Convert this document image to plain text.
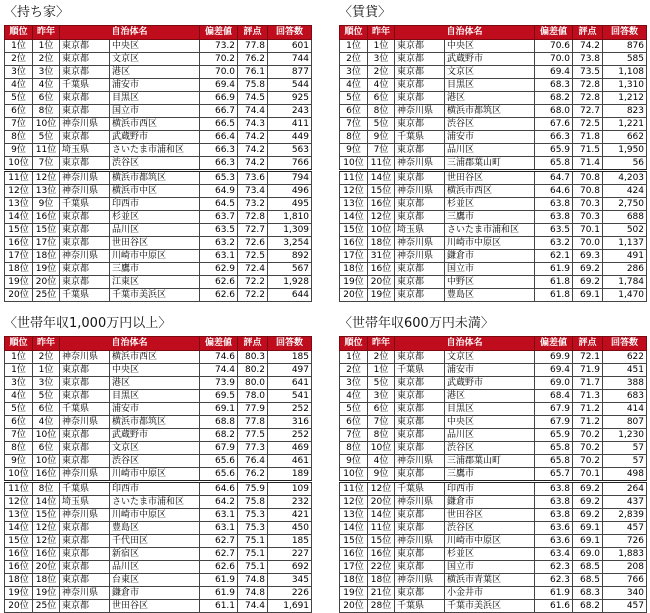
〈持ち家〉
順位	昨年	自治体名		偏差値	評点	回答数
1位	1位	東京都	中央区	73.2	77.8	601
2位	2位	東京都	文京区	70.2	76.2	744
3位	3位	東京都	港区	70.0	76.1	877
4位	4位	千葉県	浦安市	69.4	75.8	544
5位	6位	東京都	目黒区	66.9	74.5	925
6位	8位	東京都	国立市	66.7	74.4	243
7位	10位	神奈川県	横浜市西区	66.5	74.3	411
8位	5位	東京都	武蔵野市	66.4	74.2	449
9位	11位	埼玉県	さいたま市浦和区	66.3	74.2	563
10位	7位	東京都	渋谷区	66.3	74.2	766
11位	12位	神奈川県	横浜市都筑区	65.3	73.6	794
12位	13位	神奈川県	横浜市中区	64.9	73.4	496
13位	9位	千葉県	印西市	64.5	73.2	495
14位	16位	東京都	杉並区	63.7	72.8	1,810
15位	15位	東京都	品川区	63.5	72.7	1,309
16位	17位	東京都	世田谷区	63.2	72.6	3,254
17位	18位	神奈川県	川崎市中原区	63.1	72.5	892
18位	19位	東京都	三鷹市	62.9	72.4	567
19位	20位	東京都	江東区	62.6	72.2	1,928
20位	25位	千葉県	千葉市美浜区	62.6	72.2	644
〈賃貸〉
順位	昨年	自治体名		偏差値	評点	回答数
1位	1位	東京都	中央区	70.6	74.2	876
2位	3位	東京都	武蔵野市	70.0	73.8	585
3位	2位	東京都	文京区	69.4	73.5	1,108
4位	4位	東京都	目黒区	68.3	72.8	1,310
5位	6位	東京都	港区	68.2	72.8	1,212
6位	8位	神奈川県	横浜市都筑区	68.0	72.7	823
7位	5位	東京都	渋谷区	67.6	72.5	1,221
8位	9位	千葉県	浦安市	66.3	71.8	662
9位	7位	東京都	品川区	65.9	71.5	1,950
10位	11位	神奈川県	三浦郡葉山町	65.8	71.4	56
11位	14位	東京都	世田谷区	64.7	70.8	4,203
12位	15位	神奈川県	横浜市西区	64.6	70.8	424
13位	16位	東京都	杉並区	63.8	70.3	2,750
14位	12位	東京都	三鷹市	63.8	70.3	688
15位	10位	埼玉県	さいたま市浦和区	63.5	70.1	502
16位	18位	神奈川県	川崎市中原区	63.2	70.0	1,137
17位	31位	神奈川県	鎌倉市	62.1	69.3	491
18位	16位	東京都	国立市	61.9	69.2	286
19位	20位	東京都	中野区	61.8	69.2	1,784
20位	19位	東京都	豊島区	61.8	69.1	1,470
〈世帯年収1,000万円以上〉
順位	昨年	自治体名		偏差値	評点	回答数
1位	2位	神奈川県	横浜市西区	74.6	80.3	185
1位	1位	東京都	中央区	74.4	80.2	497
3位	3位	東京都	港区	73.9	80.0	641
4位	5位	東京都	目黒区	69.5	78.0	541
5位	6位	千葉県	浦安市	69.1	77.9	252
6位	4位	神奈川県	横浜市都筑区	68.8	77.8	316
7位	10位	東京都	武蔵野市	68.2	77.5	252
8位	6位	東京都	文京区	67.9	77.3	469
9位	10位	東京都	渋谷区	65.6	76.4	461
10位	16位	神奈川県	川崎市中原区	65.6	76.2	189
11位	8位	千葉県	印西市	64.6	75.9	109
12位	14位	埼玉県	さいたま市浦和区	64.2	75.8	232
13位	15位	神奈川県	川崎市中原区	63.1	75.3	421
14位	12位	東京都	豊島区	63.1	75.3	450
15位	12位	東京都	千代田区	62.7	75.1	185
16位	16位	東京都	新宿区	62.7	75.1	227
16位	20位	東京都	品川区	62.6	75.1	692
18位	18位	東京都	台東区	61.9	74.8	345
19位	19位	神奈川県	鎌倉市	61.9	74.8	226
20位	25位	東京都	世田谷区	61.1	74.4	1,691
〈世帯年収600万円未満〉
順位	昨年	自治体名		偏差値	評点	回答数
1位	2位	東京都	文京区	69.9	72.1	622
2位	1位	千葉県	浦安市	69.4	71.9	451
3位	5位	東京都	武蔵野市	69.0	71.7	388
4位	3位	東京都	港区	68.4	71.3	683
5位	6位	東京都	目黒区	67.9	71.2	414
6位	7位	東京都	中央区	67.9	71.2	807
7位	8位	東京都	品川区	65.9	70.2	1,230
8位	10位	東京都	渋谷区	65.8	70.2	57
9位	4位	神奈川県	三浦郡葉山町	65.8	70.2	57
10位	9位	東京都	三鷹市	65.7	70.1	498
11位	12位	千葉県	印西市	63.8	69.2	264
12位	20位	神奈川県	鎌倉市	63.8	69.2	437
13位	14位	東京都	世田谷区	63.8	69.2	2,839
14位	11位	東京都	渋谷区	63.6	69.1	457
15位	15位	神奈川県	川崎市中原区	63.6	69.1	726
16位	16位	東京都	杉並区	63.4	69.0	1,883
17位	22位	東京都	国立市	62.3	68.5	208
18位	18位	神奈川県	横浜市青葉区	62.3	68.5	766
19位	21位	東京都	小金井市	61.9	68.3	340
20位	28位	千葉県	千葉市美浜区	61.6	68.2	457
